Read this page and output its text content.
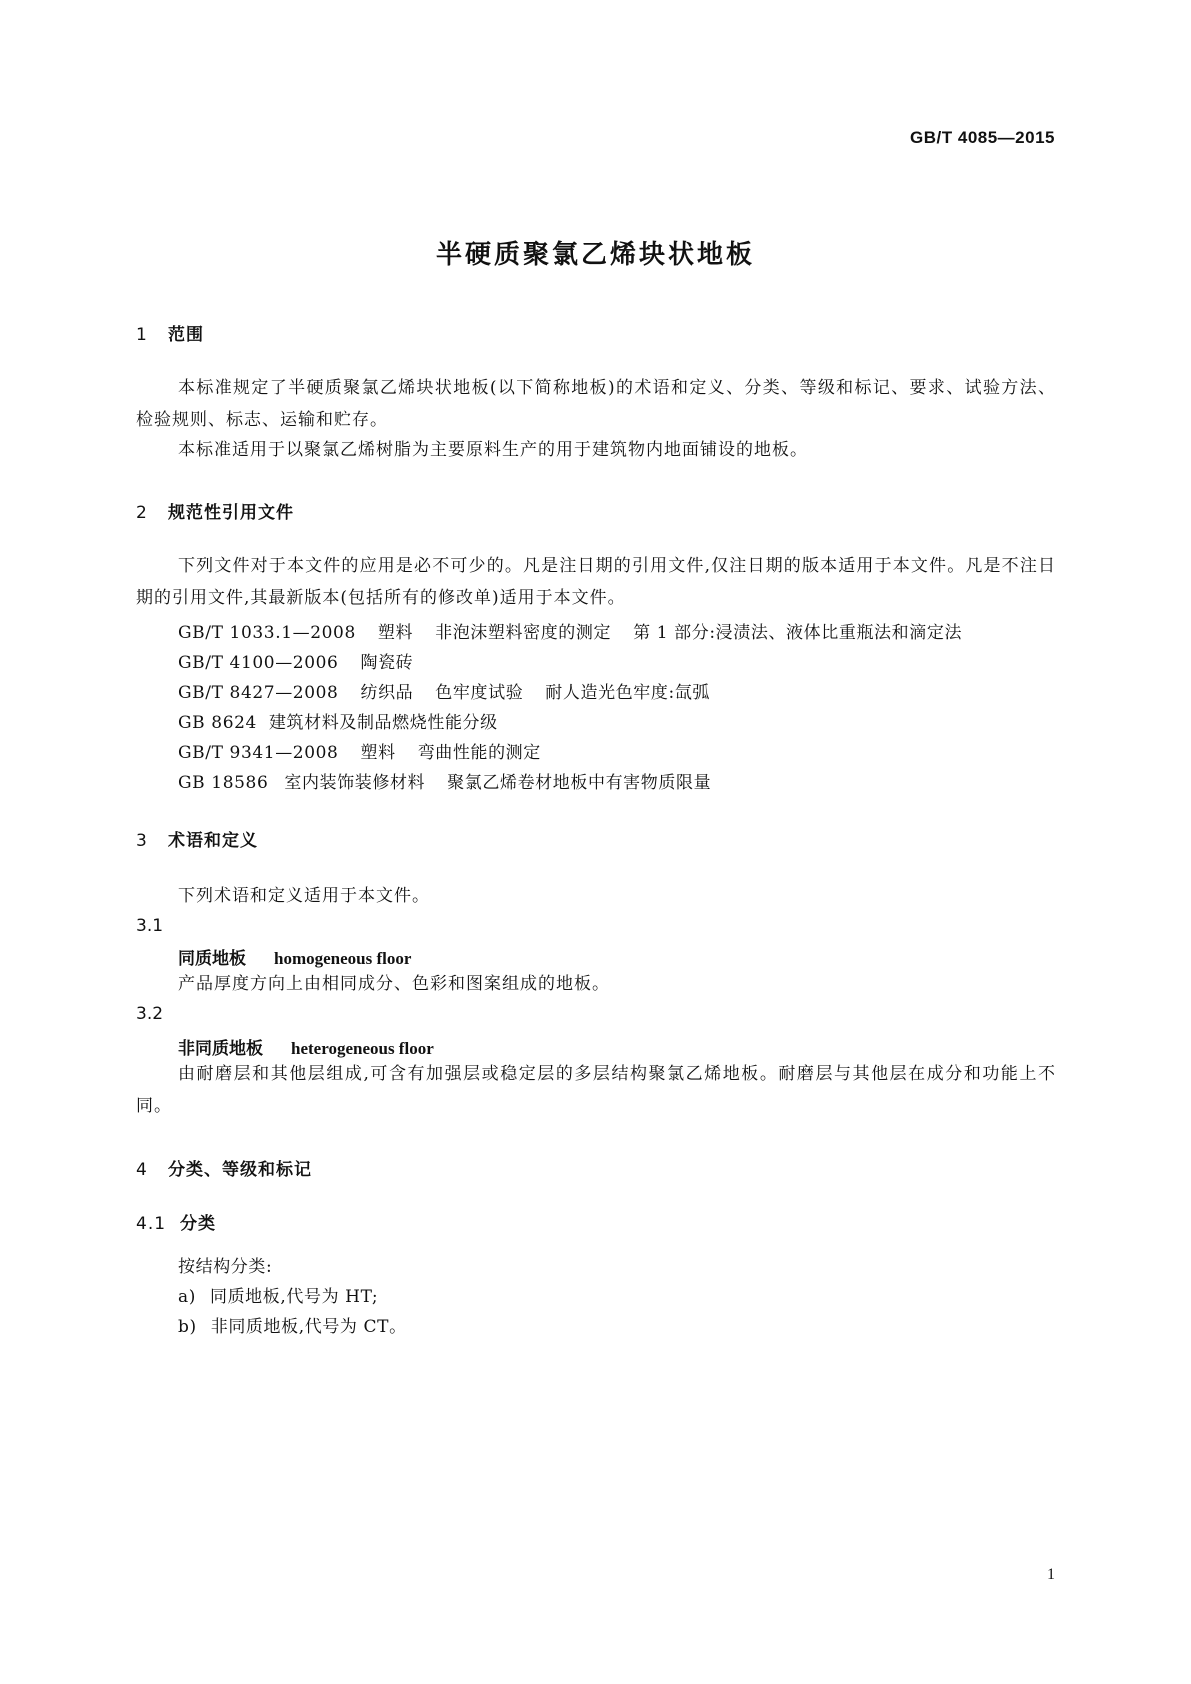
GB/T 4085—2015
半硬质聚氯乙烯块状地板
1 范围
本标准规定了半硬质聚氯乙烯块状地板(以下简称地板)的术语和定义、分类、等级和标记、要求、试验方法、检验规则、标志、运输和贮存。
本标准适用于以聚氯乙烯树脂为主要原料生产的用于建筑物内地面铺设的地板。
2 规范性引用文件
下列文件对于本文件的应用是必不可少的。凡是注日期的引用文件,仅注日期的版本适用于本文件。凡是不注日期的引用文件,其最新版本(包括所有的修改单)适用于本文件。
GB/T 1033.1—2008 塑料 非泡沫塑料密度的测定 第 1 部分:浸渍法、液体比重瓶法和滴定法
GB/T 4100—2006 陶瓷砖
GB/T 8427—2008 纺织品 色牢度试验 耐人造光色牢度:氙弧
GB 8624 建筑材料及制品燃烧性能分级
GB/T 9341—2008 塑料 弯曲性能的测定
GB 18586 室内装饰装修材料 聚氯乙烯卷材地板中有害物质限量
3 术语和定义
下列术语和定义适用于本文件。
3.1
同质地板 homogeneous floor
产品厚度方向上由相同成分、色彩和图案组成的地板。
3.2
非同质地板 heterogeneous floor
由耐磨层和其他层组成,可含有加强层或稳定层的多层结构聚氯乙烯地板。耐磨层与其他层在成分和功能上不同。
4 分类、等级和标记
4.1 分类
按结构分类:
a) 同质地板,代号为 HT;
b) 非同质地板,代号为 CT。
1
